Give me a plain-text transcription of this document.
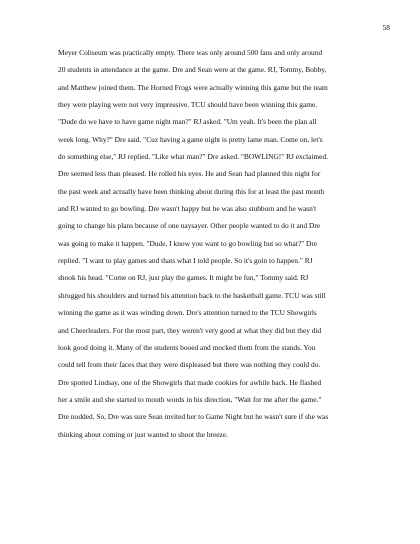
58
Meyer Coliseum was practically empty. There was only around 500 fans and only around
20 students in attendance at the game. Dre and Sean were at the game. RJ, Tommy, Bobby,
and Matthew joined them. The Horned Frogs were actually winning this game but the team
they were playing were not very impressive. TCU should have been winning this game.
"Dude do we have to have game night man?" RJ asked. "Um yeah. It's been the plan all
week long. Why?" Dre said. "Cuz having a game night is pretty lame man. Come on, let's
do something else," RJ replied. "Like what man?" Dre asked. "BOWLING!" RJ exclaimed.
Dre seemed less than pleased. He rolled his eyes. He and Sean had planned this night for
the past week and actually have been thinking about during this for at least the past month
and RJ wanted to go bowling. Dre wasn't happy but he was also stubborn and he wasn't
going to change his plans because of one naysayer. Other people wanted to do it and Dre
was going to make it happen. "Dude, I know you want to go bowling but so what?" Dre
replied. "I want to play games and thats what I told people. So it's goin to happen." RJ
shook his head. "Come on RJ, just play the games. It might be fun," Tommy said. RJ
shrugged his shoulders and turned his attention back to the basketball game. TCU was still
winning the game as it was winding down. Dre's attention turned to the TCU Showgirls
and Cheerleaders. For the most part, they weren't very good at what they did but they did
look good doing it. Many of the students booed and mocked them from the stands. You
could tell from their faces that they were displeased but there was nothing they could do.
Dre spotted Lindsay, one of the Showgirls that made cookies for awhile back. He flashed
her a smile and she started to mouth words in his direction, "Wait for me after the game."
Dre nodded. So, Dre was sure Sean invited her to Game Night but he wasn't sure if she was
thinking about coming or just wanted to shoot the breeze.
